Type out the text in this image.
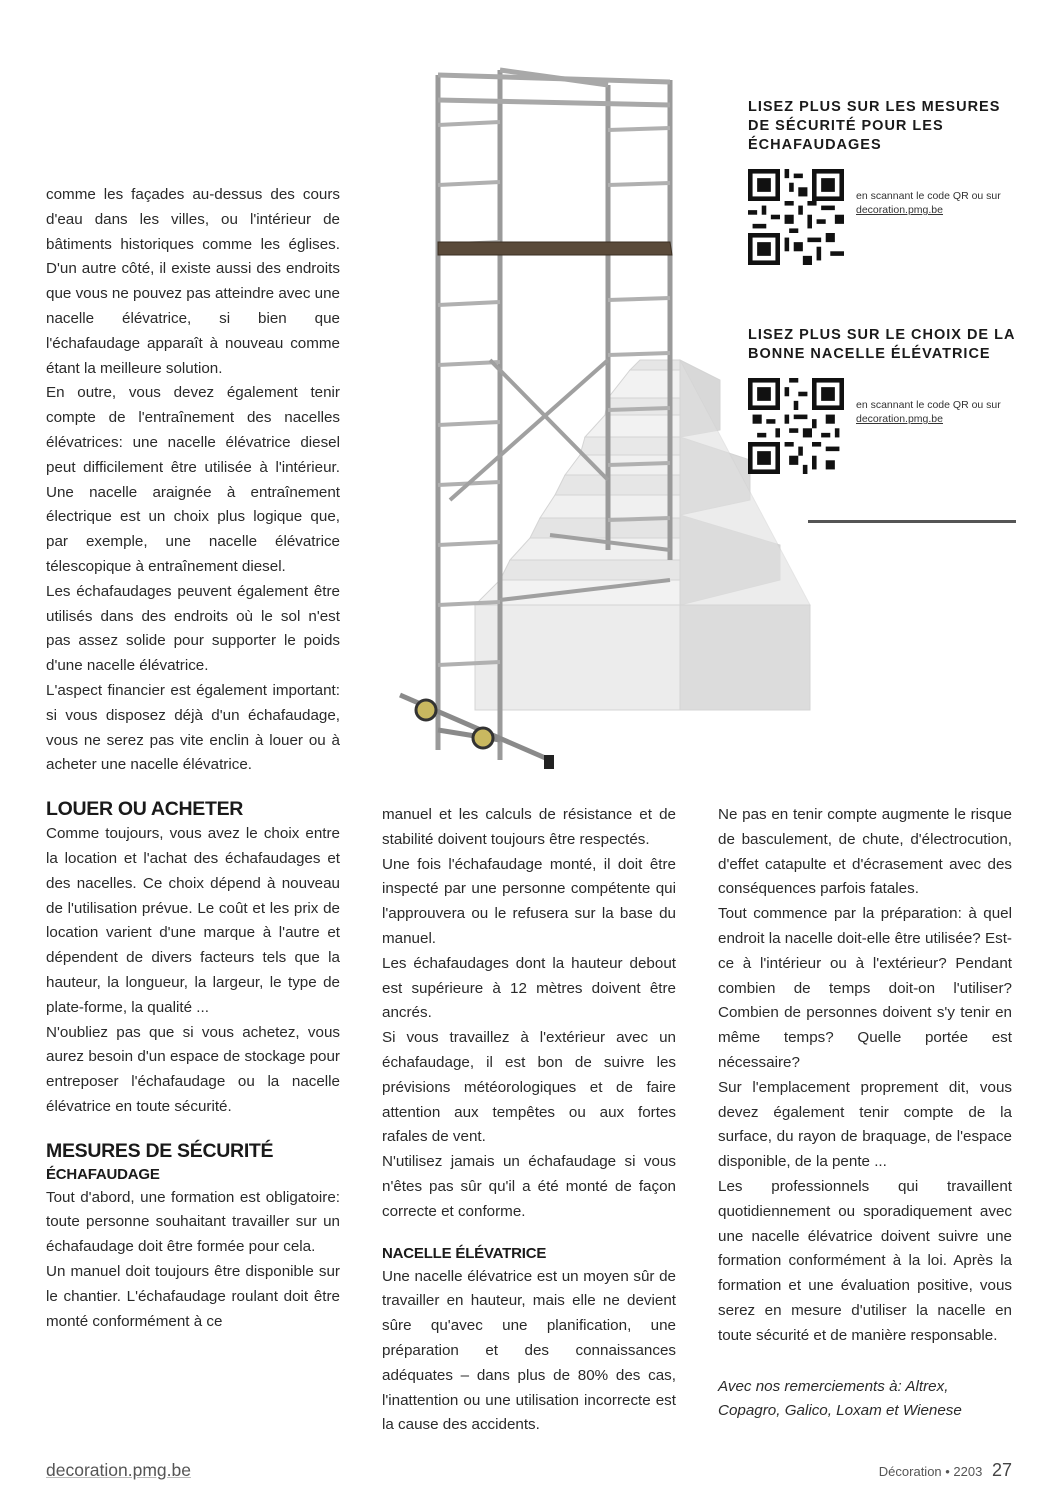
comme les façades au-dessus des cours d'eau dans les villes, ou l'intérieur de bâtiments historiques comme les églises. D'un autre côté, il existe aussi des endroits que vous ne pouvez pas atteindre avec une nacelle élévatrice, si bien que l'échafaudage apparaît à nouveau comme étant la meilleure solution.

En outre, vous devez également tenir compte de l'entraînement des nacelles élévatrices: une nacelle élévatrice diesel peut difficilement être utilisée à l'intérieur. Une nacelle araignée à entraînement électrique est un choix plus logique que, par exemple, une nacelle élévatrice télescopique à entraînement diesel.

Les échafaudages peuvent également être utilisés dans des endroits où le sol n'est pas assez solide pour supporter le poids d'une nacelle élévatrice.

L'aspect financier est également important: si vous disposez déjà d'un échafaudage, vous ne serez pas vite enclin à louer ou à acheter une nacelle élévatrice.

LOUER OU ACHETER

Comme toujours, vous avez le choix entre la location et l'achat des échafaudages et des nacelles. Ce choix dépend à nouveau de l'utilisation prévue. Le coût et les prix de location varient d'une marque à l'autre et dépendent de divers facteurs tels que la hauteur, la longueur, la largeur, le type de plate-forme, la qualité ...

N'oubliez pas que si vous achetez, vous aurez besoin d'un espace de stockage pour entreposer l'échafaudage ou la nacelle élévatrice en toute sécurité.

MESURES DE SÉCURITÉ
ÉCHAFAUDAGE

Tout d'abord, une formation est obligatoire: toute personne souhaitant travailler sur un échafaudage doit être formée pour cela.

Un manuel doit toujours être disponible sur le chantier. L'échafaudage roulant doit être monté conformément à ce

manuel et les calculs de résistance et de stabilité doivent toujours être respectés.

Une fois l'échafaudage monté, il doit être inspecté par une personne compétente qui l'approuvera ou le refusera sur la base du manuel.

Les échafaudages dont la hauteur debout est supérieure à 12 mètres doivent être ancrés.

Si vous travaillez à l'extérieur avec un échafaudage, il est bon de suivre les prévisions météorologiques et de faire attention aux tempêtes ou aux fortes rafales de vent.

N'utilisez jamais un échafaudage si vous n'êtes pas sûr qu'il a été monté de façon correcte et conforme.

NACELLE ÉLÉVATRICE

Une nacelle élévatrice est un moyen sûr de travailler en hauteur, mais elle ne devient sûre qu'avec une planification, une préparation et des connaissances adéquates – dans plus de 80% des cas, l'inattention ou une utilisation incorrecte est la cause des accidents.

Ne pas en tenir compte augmente le risque de basculement, de chute, d'électrocution, d'effet catapulte et d'écrasement avec des conséquences parfois fatales.

Tout commence par la préparation: à quel endroit la nacelle doit-elle être utilisée? Est-ce à l'intérieur ou à l'extérieur? Pendant combien de temps doit-on l'utiliser? Combien de personnes doivent s'y tenir en même temps? Quelle portée est nécessaire?

Sur l'emplacement proprement dit, vous devez également tenir compte de la surface, du rayon de braquage, de l'espace disponible, de la pente ...

Les professionnels qui travaillent quotidiennement ou sporadiquement avec une nacelle élévatrice doivent suivre une formation conformément à la loi. Après la formation et une évaluation positive, vous serez en mesure d'utiliser la nacelle en toute sécurité et de manière responsable.

Avec nos remerciements à: Altrex, Copagro, Galico, Loxam et Wienese

LISEZ PLUS SUR LES MESURES DE SÉCURITÉ POUR LES ÉCHAFAUDAGES

en scannant le code QR ou sur
decoration.pmg.be

LISEZ PLUS SUR LE CHOIX DE LA BONNE NACELLE ÉLÉVATRICE

en scannant le code QR ou sur
decoration.pmg.be
decoration.pmg.be	Décoration • 2203 27
